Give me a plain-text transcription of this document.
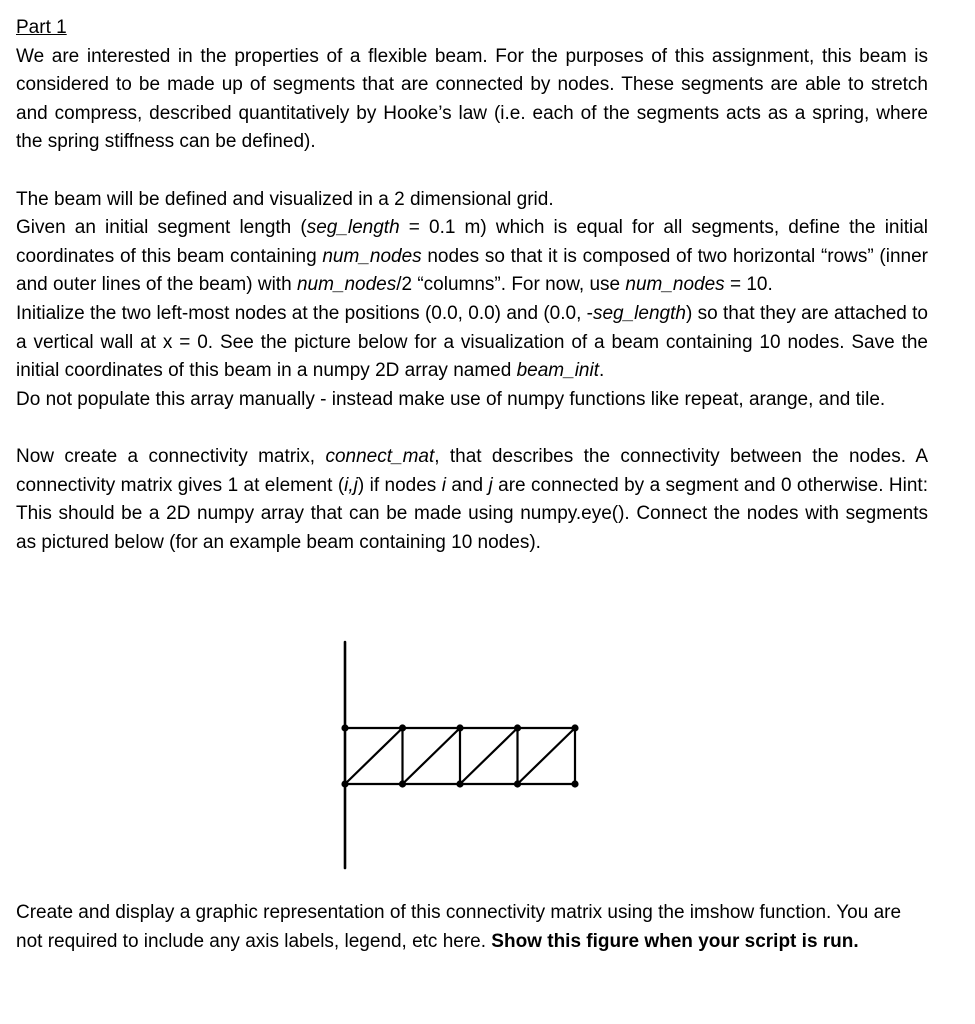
Part 1

We are interested in the properties of a flexible beam. For the purposes of this assignment, this beam is considered to be made up of segments that are connected by nodes. These segments are able to stretch and compress, described quantitatively by Hooke’s law (i.e. each of the segments acts as a spring, where the spring stiffness can be defined).

The beam will be defined and visualized in a 2 dimensional grid.

Given an initial segment length (seg_length = 0.1 m) which is equal for all segments, define the initial coordinates of this beam containing num_nodes nodes so that it is composed of two horizontal “rows” (inner and outer lines of the beam) with num_nodes/2 “columns”. For now, use num_nodes = 10.

Initialize the two left-most nodes at the positions (0.0, 0.0) and (0.0, -seg_length) so that they are attached to a vertical wall at x = 0. See the picture below for a visualization of a beam containing 10 nodes. Save the initial coordinates of this beam in a numpy 2D array named beam_init.

Do not populate this array manually - instead make use of numpy functions like repeat, arange, and tile.

Now create a connectivity matrix, connect_mat, that describes the connectivity between the nodes. A connectivity matrix gives 1 at element (i,j) if nodes i and j are connected by a segment and 0 otherwise. Hint: This should be a 2D numpy array that can be made using numpy.eye(). Connect the nodes with segments as pictured below (for an example beam containing 10 nodes).

Create and display a graphic representation of this connectivity matrix using the imshow function. You are not required to include any axis labels, legend, etc here. Show this figure when your script is run.
